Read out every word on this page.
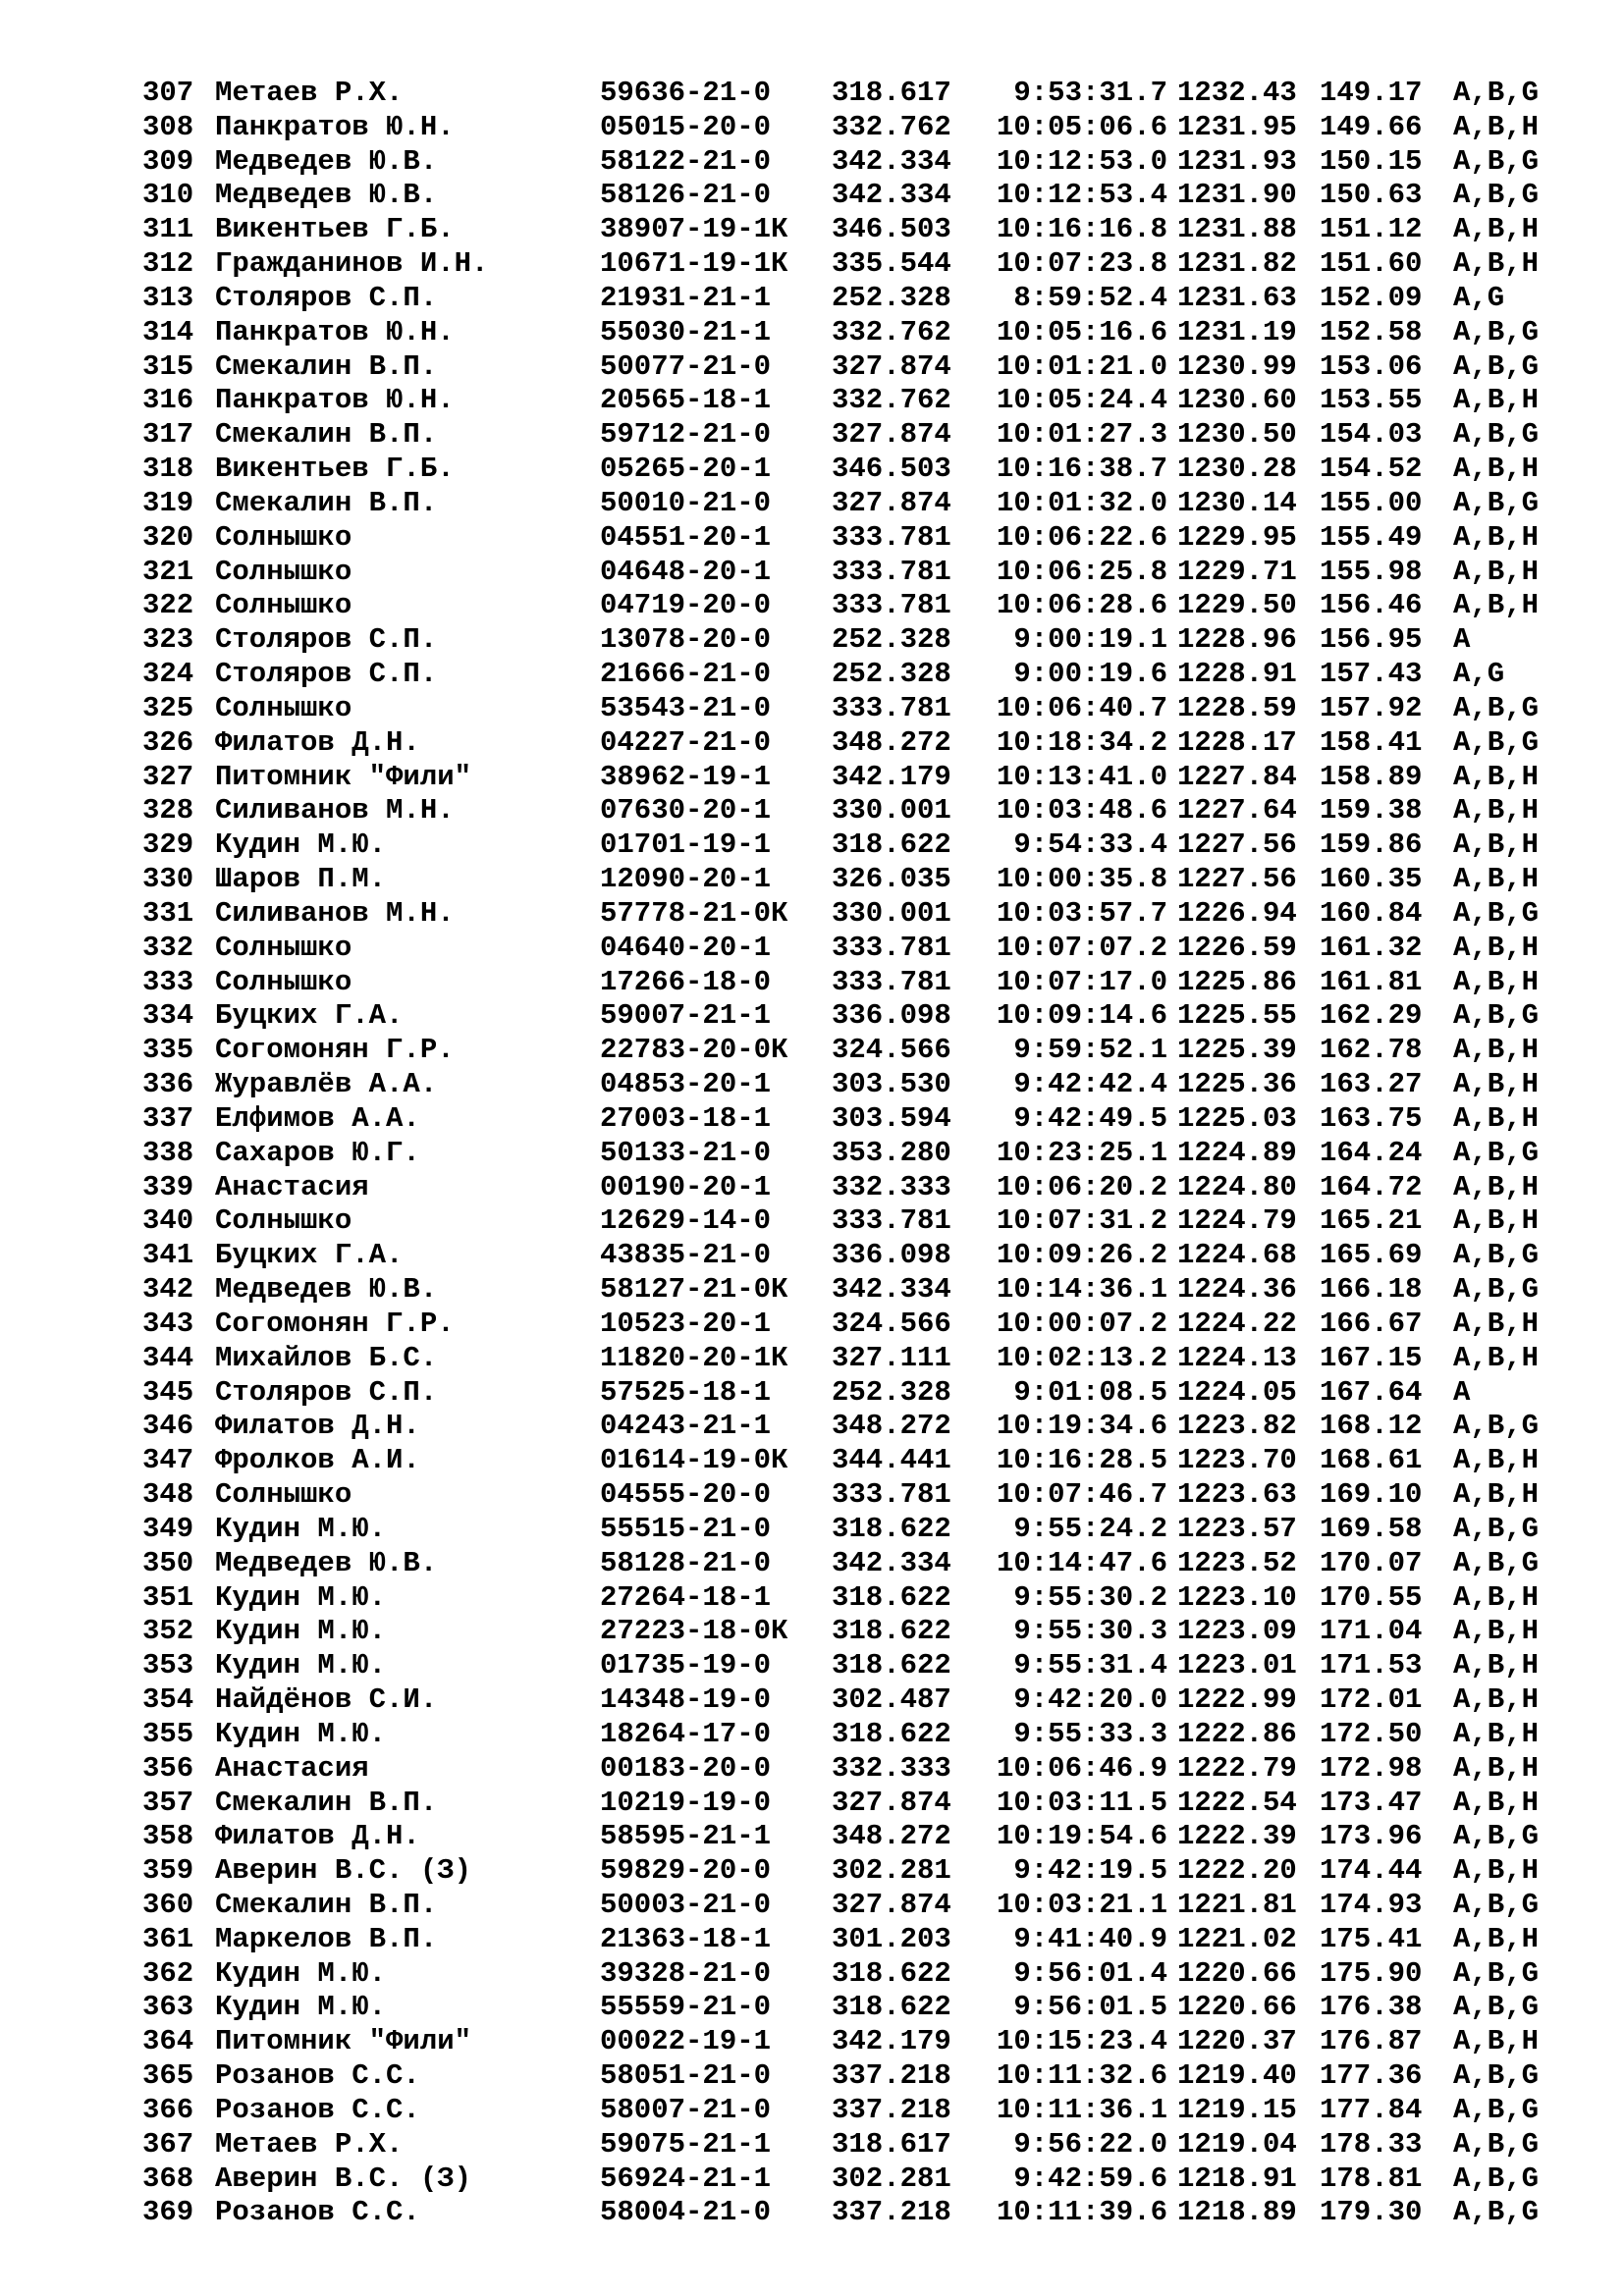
307 Метаев Р.Х.	59636-21-0 318.617	9:53:31.7 1232.43 149.17 A,B,G
308 Панкратов Ю.Н.	05015-20-0 332.762	10:05:06.6 1231.95 149.66 A,B,H
309 Медведев Ю.В.	58122-21-0 342.334	10:12:53.0 1231.93 150.15 A,B,G
310 Медведев Ю.В.	58126-21-0 342.334	10:12:53.4 1231.90 150.63 A,B,G
311 Викентьев Г.Б.	38907-19-1К 346.503	10:16:16.8 1231.88 151.12 A,B,H
312 Гражданинов И.Н.	10671-19-1К 335.544	10:07:23.8 1231.82 151.60 A,B,H
313 Столяров С.П.	21931-21-1 252.328	8:59:52.4 1231.63 152.09 A,G
314 Панкратов Ю.Н.	55030-21-1 332.762	10:05:16.6 1231.19 152.58 A,B,G
315 Смекалин В.П.	50077-21-0 327.874	10:01:21.0 1230.99 153.06 A,B,G
316 Панкратов Ю.Н.	20565-18-1 332.762	10:05:24.4 1230.60 153.55 A,B,H
317 Смекалин В.П.	59712-21-0 327.874	10:01:27.3 1230.50 154.03 A,B,G
318 Викентьев Г.Б.	05265-20-1 346.503	10:16:38.7 1230.28 154.52 A,B,H
319 Смекалин В.П.	50010-21-0 327.874	10:01:32.0 1230.14 155.00 A,B,G
320 Солнышко	04551-20-1 333.781	10:06:22.6 1229.95 155.49 A,B,H
321 Солнышко	04648-20-1 333.781	10:06:25.8 1229.71 155.98 A,B,H
322 Солнышко	04719-20-0 333.781	10:06:28.6 1229.50 156.46 A,B,H
323 Столяров С.П.	13078-20-0 252.328	9:00:19.1 1228.96 156.95 A
324 Столяров С.П.	21666-21-0 252.328	9:00:19.6 1228.91 157.43 A,G
325 Солнышко	53543-21-0 333.781	10:06:40.7 1228.59 157.92 A,B,G
326 Филатов Д.Н.	04227-21-0 348.272	10:18:34.2 1228.17 158.41 A,B,G
327 Питомник "Фили"	38962-19-1 342.179	10:13:41.0 1227.84 158.89 A,B,H
328 Силиванов М.Н.	07630-20-1 330.001	10:03:48.6 1227.64 159.38 A,B,H
329 Кудин М.Ю.	01701-19-1 318.622	9:54:33.4 1227.56 159.86 A,B,H
330 Шаров П.М.	12090-20-1 326.035	10:00:35.8 1227.56 160.35 A,B,H
331 Силиванов М.Н.	57778-21-0К 330.001	10:03:57.7 1226.94 160.84 A,B,G
332 Солнышко	04640-20-1 333.781	10:07:07.2 1226.59 161.32 A,B,H
333 Солнышко	17266-18-0 333.781	10:07:17.0 1225.86 161.81 A,B,H
334 Буцких Г.А.	59007-21-1 336.098	10:09:14.6 1225.55 162.29 A,B,G
335 Согомонян Г.Р.	22783-20-0К 324.566	9:59:52.1 1225.39 162.78 A,B,H
336 Журавлёв А.А.	04853-20-1 303.530	9:42:42.4 1225.36 163.27 A,B,H
337 Елфимов А.А.	27003-18-1 303.594	9:42:49.5 1225.03 163.75 A,B,H
338 Сахаров Ю.Г.	50133-21-0 353.280	10:23:25.1 1224.89 164.24 A,B,G
339 Анастасия	00190-20-1 332.333	10:06:20.2 1224.80 164.72 A,B,H
340 Солнышко	12629-14-0 333.781	10:07:31.2 1224.79 165.21 A,B,H
341 Буцких Г.А.	43835-21-0 336.098	10:09:26.2 1224.68 165.69 A,B,G
342 Медведев Ю.В.	58127-21-0К 342.334	10:14:36.1 1224.36 166.18 A,B,G
343 Согомонян Г.Р.	10523-20-1 324.566	10:00:07.2 1224.22 166.67 A,B,H
344 Михайлов Б.С.	11820-20-1К 327.111	10:02:13.2 1224.13 167.15 A,B,H
345 Столяров С.П.	57525-18-1 252.328	9:01:08.5 1224.05 167.64 A
346 Филатов Д.Н.	04243-21-1 348.272	10:19:34.6 1223.82 168.12 A,B,G
347 Фролков А.И.	01614-19-0К 344.441	10:16:28.5 1223.70 168.61 A,B,H
348 Солнышко	04555-20-0 333.781	10:07:46.7 1223.63 169.10 A,B,H
349 Кудин М.Ю.	55515-21-0 318.622	9:55:24.2 1223.57 169.58 A,B,G
350 Медведев Ю.В.	58128-21-0 342.334	10:14:47.6 1223.52 170.07 A,B,G
351 Кудин М.Ю.	27264-18-1 318.622	9:55:30.2 1223.10 170.55 A,B,H
352 Кудин М.Ю.	27223-18-0К 318.622	9:55:30.3 1223.09 171.04 A,B,H
353 Кудин М.Ю.	01735-19-0 318.622	9:55:31.4 1223.01 171.53 A,B,H
354 Найдёнов С.И.	14348-19-0 302.487	9:42:20.0 1222.99 172.01 A,B,H
355 Кудин М.Ю.	18264-17-0 318.622	9:55:33.3 1222.86 172.50 A,B,H
356 Анастасия	00183-20-0 332.333	10:06:46.9 1222.79 172.98 A,B,H
357 Смекалин В.П.	10219-19-0 327.874	10:03:11.5 1222.54 173.47 A,B,H
358 Филатов Д.Н.	58595-21-1 348.272	10:19:54.6 1222.39 173.96 A,B,G
359 Аверин В.С. (З)	59829-20-0 302.281	9:42:19.5 1222.20 174.44 A,B,H
360 Смекалин В.П.	50003-21-0 327.874	10:03:21.1 1221.81 174.93 A,B,G
361 Маркелов В.П.	21363-18-1 301.203	9:41:40.9 1221.02 175.41 A,B,H
362 Кудин М.Ю.	39328-21-0 318.622	9:56:01.4 1220.66 175.90 A,B,G
363 Кудин М.Ю.	55559-21-0 318.622	9:56:01.5 1220.66 176.38 A,B,G
364 Питомник "Фили"	00022-19-1 342.179	10:15:23.4 1220.37 176.87 A,B,H
365 Розанов С.С.	58051-21-0 337.218	10:11:32.6 1219.40 177.36 A,B,G
366 Розанов С.С.	58007-21-0 337.218	10:11:36.1 1219.15 177.84 A,B,G
367 Метаев Р.Х.	59075-21-1 318.617	9:56:22.0 1219.04 178.33 A,B,G
368 Аверин В.С. (З)	56924-21-1 302.281	9:42:59.6 1218.91 178.81 A,B,G
369 Розанов С.С.	58004-21-0 337.218	10:11:39.6 1218.89 179.30 A,B,G
